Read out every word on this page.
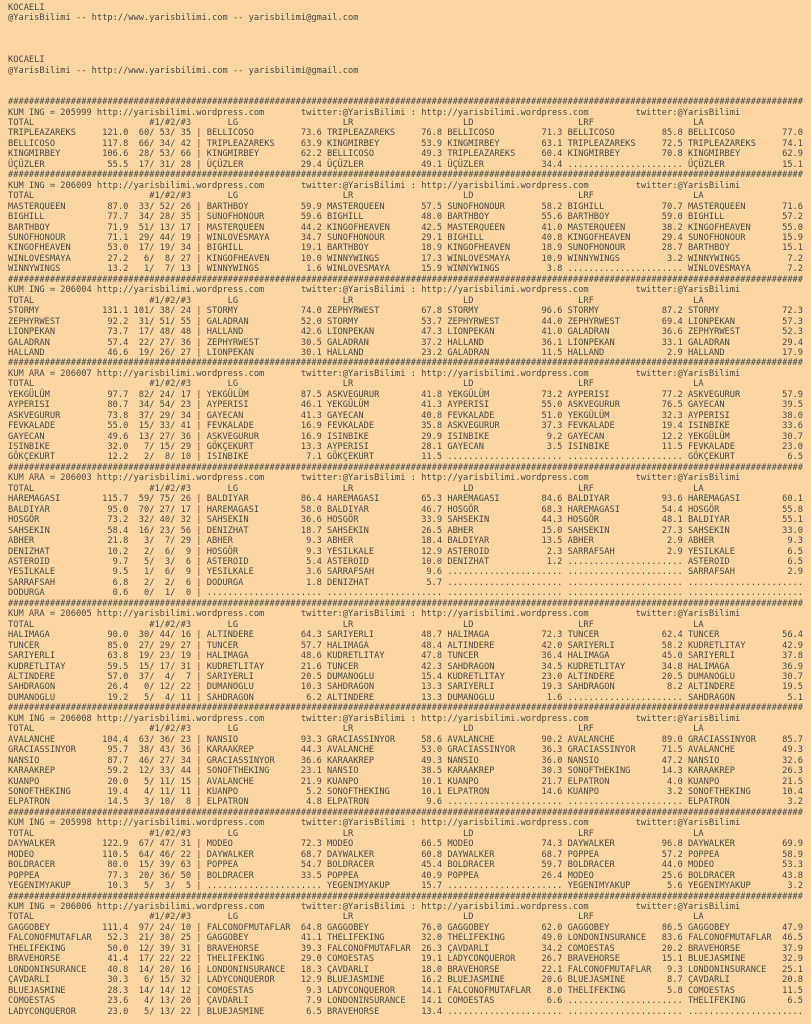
KOCAELI
@YarisBilimi -- http://www.yarisbilimi.com -- yarisbilimi@gmail.com

KOCAELI
@YarisBilimi -- http://www.yarisbilimi.com -- yarisbilimi@gmail.com

########################################################################################################################################################
KUM ING = 205999 http://yarisbilimi.wordpress.com       twitter:@YarisBilimi : http://yarisbilimi.wordpress.com         twitter:@YarisBilimi
TOTAL                      #1/#2/#3       LG                    LR                     LD                    LRF                   LA
TRIPLEAZAREKS     121.0  60/ 53/ 35 | BELLICOSO         73.6 TRIPLEAZAREKS     76.8 BELLICOSO         71.3 BELLICOSO         85.8 BELLICOSO         77.0
BELLICOSO         117.8  66/ 34/ 42 | TRIPLEAZAREKS     63.9 KINGMIRBEY        53.9 KINGMIRBEY        63.1 TRIPLEAZAREKS     72.5 TRIPLEAZAREKS     74.1
KINGMIRBEY        106.6  28/ 53/ 66 | KINGMIRBEY        62.2 BELLICOSO         49.3 TRIPLEAZAREKS     60.4 KINGMIRBEY        70.8 KINGMIRBEY        62.9
ÜÇÜZLER            55.5  17/ 31/ 28 | ÜÇÜZLER           29.4 ÜÇÜZLER           49.1 ÜÇÜZLER           34.4 ...................... ÜÇÜZLER           15.1
########################################################################################################################################################
KUM ING = 206009 http://yarisbilimi.wordpress.com       twitter:@YarisBilimi : http://yarisbilimi.wordpress.com         twitter:@YarisBilimi
TOTAL                      #1/#2/#3       LG                    LR                     LD                    LRF                   LA
MASTERQUEEN        87.0  33/ 52/ 26 | BARTHBOY          59.9 MASTERQUEEN       57.5 SUNOFHONOUR       58.2 BIGHILL           70.7 MASTERQUEEN       71.6
BIGHILL            77.7  34/ 28/ 35 | SUNOFHONOUR       59.6 BIGHILL           48.0 BARTHBOY          55.6 BARTHBOY          59.0 BIGHILL           57.2
BARTHBOY           71.9  51/ 13/ 17 | MASTERQUEEN       44.2 KINGOFHEAVEN      42.5 MASTERQUEEN       41.0 MASTERQUEEN       38.2 KINGOFHEAVEN      55.0
SUNOFHONOUR        71.1  29/ 44/ 19 | WINLOVESMAYA      34.7 SUNOFHONOUR       29.1 BIGHILL           40.8 KINGOFHEAVEN      29.4 SUNOFHONOUR       15.9
KINGOFHEAVEN       53.0  17/ 19/ 34 | BIGHILL           19.1 BARTHBOY          18.9 KINGOFHEAVEN      18.9 SUNOFHONOUR       28.7 BARTHBOY          15.1
WINLOVESMAYA       27.2   6/  8/ 27 | KINGOFHEAVEN      10.0 WINNYWINGS        17.3 WINLOVESMAYA      10.9 WINNYWINGS         3.2 WINNYWINGS         7.2
WINNYWINGS         13.2   1/  7/ 13 | WINNYWINGS         1.6 WINLOVESMAYA      15.9 WINNYWINGS         3.8 ...................... WINLOVESMAYA       7.2
########################################################################################################################################################
KUM ING = 206004 http://yarisbilimi.wordpress.com       twitter:@YarisBilimi : http://yarisbilimi.wordpress.com         twitter:@YarisBilimi
TOTAL                      #1/#2/#3       LG                    LR                     LD                    LRF                   LA
STORMY            131.1 101/ 38/ 24 | STORMY            74.0 ZEPHYRWEST        67.8 STORMY            96.6 STORMY            87.2 STORMY            72.3
ZEPHYRWEST         92.2  31/ 51/ 55 | GALADRAN          52.0 STORMY            53.7 ZEPHYRWEST        44.0 ZEPHYRWEST        69.4 LIONPEKAN         57.3
LIONPEKAN          73.7  17/ 48/ 48 | HALLAND           42.6 LIONPEKAN         47.3 LIONPEKAN         41.0 GALADRAN          36.6 ZEPHYRWEST        52.3
GALADRAN           57.4  22/ 27/ 36 | ZEPHYRWEST        30.5 GALADRAN          37.2 HALLAND           36.1 LIONPEKAN         33.1 GALADRAN          29.4
HALLAND            46.6  19/ 26/ 27 | LIONPEKAN         30.1 HALLAND           23.2 GALADRAN          11.5 HALLAND            2.9 HALLAND           17.9
########################################################################################################################################################
KUM ARA = 206007 http://yarisbilimi.wordpress.com       twitter:@YarisBilimi : http://yarisbilimi.wordpress.com         twitter:@YarisBilimi
TOTAL                      #1/#2/#3       LG                    LR                     LD                    LRF                   LA
YEKGÜLÜM           97.7  82/ 24/ 17 | YEKGÜLÜM          87.5 ASKVEGURUR        41.8 YEKGÜLÜM          73.2 AYPERISI          77.2 ASKVEGURUR        57.9
AYPERISI           80.7  34/ 54/ 23 | AYPERISI          46.1 YEKGÜLÜM          41.3 AYPERISI          55.0 ASKVEGURUR        76.5 GAYECAN           39.5
ASKVEGURUR         73.8  37/ 29/ 34 | GAYECAN           41.3 GAYECAN           40.8 FEVKALADE         51.0 YEKGÜLÜM          32.3 AYPERISI          38.0
FEVKALADE          55.0  15/ 33/ 41 | FEVKALADE         16.9 FEVKALADE         35.8 ASKVEGURUR        37.3 FEVKALADE         19.4 ISINBIKE          33.6
GAYECAN            49.6  13/ 27/ 36 | ASKVEGURUR        16.9 ISINBIKE          29.9 ISINBIKE           9.2 GAYECAN           12.2 YEKGÜLÜM          30.7
ISINBIKE           32.0   7/ 15/ 29 | GÖKÇEKURT         13.3 AYPERISI          28.1 GAYECAN            3.5 ISINBIKE          11.5 FEVKALADE         23.0
GÖKÇEKURT          12.2   2/  8/ 10 | ISINBIKE           7.1 GÖKÇEKURT         11.5 ...................... ...................... GÖKÇEKURT          6.5
########################################################################################################################################################
KUM ARA = 206003 http://yarisbilimi.wordpress.com       twitter:@YarisBilimi : http://yarisbilimi.wordpress.com         twitter:@YarisBilimi
TOTAL                      #1/#2/#3       LG                    LR                     LD                    LRF                   LA
HAREMAGASI        115.7  59/ 75/ 26 | BALDIYAR          86.4 HAREMAGASI        65.3 HAREMAGASI        84.6 BALDIYAR          93.6 HAREMAGASI        60.1
BALDIYAR           95.0  70/ 27/ 17 | HAREMAGASI        58.0 BALDIYAR          46.7 HOSGÖR            68.3 HAREMAGASI        54.4 HOSGÖR            55.8
HOSGÖR             73.2  32/ 40/ 32 | SAHSEKIN          36.6 HOSGÖR            33.9 SAHSEKIN          44.3 HOSGÖR            48.1 BALDIYAR          55.1
SAHSEKIN           58.4  16/ 23/ 56 | DENIZHAT          18.7 SAHSEKIN          26.5 ABHER             15.0 SAHSEKIN          27.3 SAHSEKIN          33.0
ABHER              21.8   3/  7/ 29 | ABHER              9.3 ABHER             18.4 BALDIYAR          13.5 ABHER              2.9 ABHER              9.3
DENIZHAT           10.2   2/  6/  9 | HOSGÖR             9.3 YESILKALE         12.9 ASTEROID           2.3 SARRAFSAH          2.9 YESILKALE          6.5
ASTEROID            9.7   5/  3/  6 | ASTEROID           5.4 ASTEROID          10.0 DENIZHAT           1.2 ...................... ASTEROID           6.5
YESILKALE           9.5   1/  6/  9 | YESILKALE          3.6 SARRAFSAH          9.6 ...................... ...................... SARRAFSAH          2.9
SARRAFSAH           6.8   2/  2/  6 | DODURGA            1.8 DENIZHAT           5.7 ...................... ...................... ......................
DODURGA             0.6   0/  1/  0 | ...................... ...................... ...................... ...................... ......................
########################################################################################################################################################
KUM ARA = 206005 http://yarisbilimi.wordpress.com       twitter:@YarisBilimi : http://yarisbilimi.wordpress.com         twitter:@YarisBilimi
TOTAL                      #1/#2/#3       LG                    LR                     LD                    LRF                   LA
HALIMAGA           90.0  30/ 44/ 16 | ALTINDERE         64.3 SARIYERLI         48.7 HALIMAGA          72.3 TUNCER            62.4 TUNCER            56.4
TUNCER             85.0  27/ 29/ 27 | TUNCER            57.7 HALIMAGA          48.4 ALTINDERE         42.0 SARIYERLI         58.2 KUDRETLITAY       42.9
SARIYERLI          63.8  19/ 23/ 19 | HALIMAGA          48.6 KUDRETLITAY       47.8 TUNCER            36.4 HALIMAGA          45.0 SARIYERLI         37.8
KUDRETLITAY        59.5  15/ 17/ 31 | KUDRETLITAY       21.6 TUNCER            42.3 SAHDRAGON         34.5 KUDRETLITAY       34.8 HALIMAGA          36.9
ALTINDERE          57.0  37/  4/  7 | SARIYERLI         20.5 DUMANOGLU         15.4 KUDRETLITAY       23.0 ALTINDERE         20.5 DUMANOGLU         30.7
SAHDRAGON          26.4   0/ 12/ 22 | DUMANOGLU         10.3 SAHDRAGON         13.3 SARIYERLI         19.3 SAHDRAGON          8.2 ALTINDERE         19.5
DUMANOGLU          19.2   5/  4/ 11 | SAHDRAGON          6.2 ALTINDERE         13.3 DUMANOGLU          1.6 ...................... SAHDRAGON          5.1
########################################################################################################################################################
KUM ING = 206008 http://yarisbilimi.wordpress.com       twitter:@YarisBilimi : http://yarisbilimi.wordpress.com         twitter:@YarisBilimi
TOTAL                      #1/#2/#3       LG                    LR                     LD                    LRF                   LA
AVALANCHE         104.4  63/ 36/ 23 | NANSIO            93.3 GRACIASSINYOR     58.6 AVALANCHE         90.2 AVALANCHE         89.0 GRACIASSINYOR     85.7
GRACIASSINYOR      95.7  38/ 43/ 36 | KARAAKREP         44.3 AVALANCHE         53.0 GRACIASSINYOR     36.3 GRACIASSINYOR     71.5 AVALANCHE         49.3
NANSIO             87.7  46/ 27/ 34 | GRACIASSINYOR     36.6 KARAAKREP         49.3 NANSIO            36.0 NANSIO            47.2 NANSIO            32.6
KARAAKREP          59.2  12/ 33/ 44 | SONOFTHEKING      23.1 NANSIO            38.5 KARAAKREP         30.3 SONOFTHEKING      14.3 KARAAKREP         26.3
KUANPO             20.0   5/ 11/ 15 | AVALANCHE         21.9 KUANPO            10.1 KUANPO            21.7 ELPATRON           4.0 KUANPO            21.5
SONOFTHEKING       19.4   4/ 11/ 11 | KUANPO             5.2 SONOFTHEKING      10.1 ELPATRON          14.6 KUANPO             3.2 SONOFTHEKING      10.4
ELPATRON           14.5   3/ 10/  8 | ELPATRON           4.8 ELPATRON           9.6 ...................... ...................... ELPATRON           3.2
########################################################################################################################################################
KUM ING = 205998 http://yarisbilimi.wordpress.com       twitter:@YarisBilimi : http://yarisbilimi.wordpress.com         twitter:@YarisBilimi
TOTAL                      #1/#2/#3       LG                    LR                     LD                    LRF                   LA
DAYWALKER         122.9  67/ 47/ 31 | MODEO             72.3 MODEO             66.5 MODEO             74.3 DAYWALKER         96.8 DAYWALKER         69.9
MODEO             110.5  64/ 46/ 22 | DAYWALKER         68.7 DAYWALKER         60.8 DAYWALKER         68.7 POPPEA            57.2 POPPEA            58.9
BOLDRACER          80.0  15/ 39/ 63 | POPPEA            54.7 BOLDRACER         45.4 BOLDRACER         59.7 BOLDRACER         44.0 MODEO             53.3
POPPEA             77.3  20/ 36/ 50 | BOLDRACER         33.5 POPPEA            40.9 POPPEA            26.4 MODEO             25.6 BOLDRACER         43.8
YEGENIMYAKUP       10.3   5/  3/  5 | ...................... YEGENIMYAKUP      15.7 ...................... YEGENIMYAKUP       5.6 YEGENIMYAKUP       3.2
########################################################################################################################################################
KUM ING = 206006 http://yarisbilimi.wordpress.com       twitter:@YarisBilimi : http://yarisbilimi.wordpress.com         twitter:@YarisBilimi
TOTAL                      #1/#2/#3       LG                    LR                     LD                    LRF                   LA
GAGGOBEY          111.4  97/ 24/ 10 | FALCONOFMUTAFLAR  64.8 GAGGOBEY          76.0 GAGGOBEY          62.0 GAGGOBEY          86.5 GAGGOBEY          47.9
FALCONOFMUTAFLAR   52.3  21/ 30/ 25 | GAGGOBEY          41.1 THELIFEKING       32.0 THELIFEKING       49.0 LONDONINSURANCE   83.6 FALCONOFMUTAFLAR  46.5
THELIFEKING        50.0  12/ 39/ 31 | BRAVEHORSE        39.3 FALCONOFMUTAFLAR  26.3 ÇAVDARLI          34.2 COMOESTAS         20.2 BRAVEHORSE        37.9
BRAVEHORSE         41.4  17/ 22/ 22 | THELIFEKING       29.0 COMOESTAS         19.1 LADYCONQUEROR     26.7 BRAVEHORSE        15.1 BLUEJASMINE       32.9
LONDONINSURANCE    40.8  14/ 20/ 16 | LONDONINSURANCE   18.3 ÇAVDARLI          18.0 BRAVEHORSE        22.1 FALCONOFMUTAFLAR   9.3 LONDONINSURANCE   25.1
ÇAVDARLI           30.3   6/ 15/ 32 | LADYCONQUEROR     12.9 BLUEJASMINE       16.2 BLUEJASMINE       20.6 BLUEJASMINE        8.7 ÇAVDARLI          20.8
BLUEJASMINE        28.3  14/ 14/ 12 | COMOESTAS          9.3 LADYCONQUEROR     14.1 FALCONOFMUTAFLAR   8.0 THELIFEKING        5.8 COMOESTAS         11.5
COMOESTAS          23.6   4/ 13/ 20 | ÇAVDARLI           7.9 LONDONINSURANCE   14.1 COMOESTAS          6.6 ...................... THELIFEKING        6.5
LADYCONQUEROR      23.0   5/ 13/ 22 | BLUEJASMINE        6.5 BRAVEHORSE        13.4 ...................... ...................... ......................
